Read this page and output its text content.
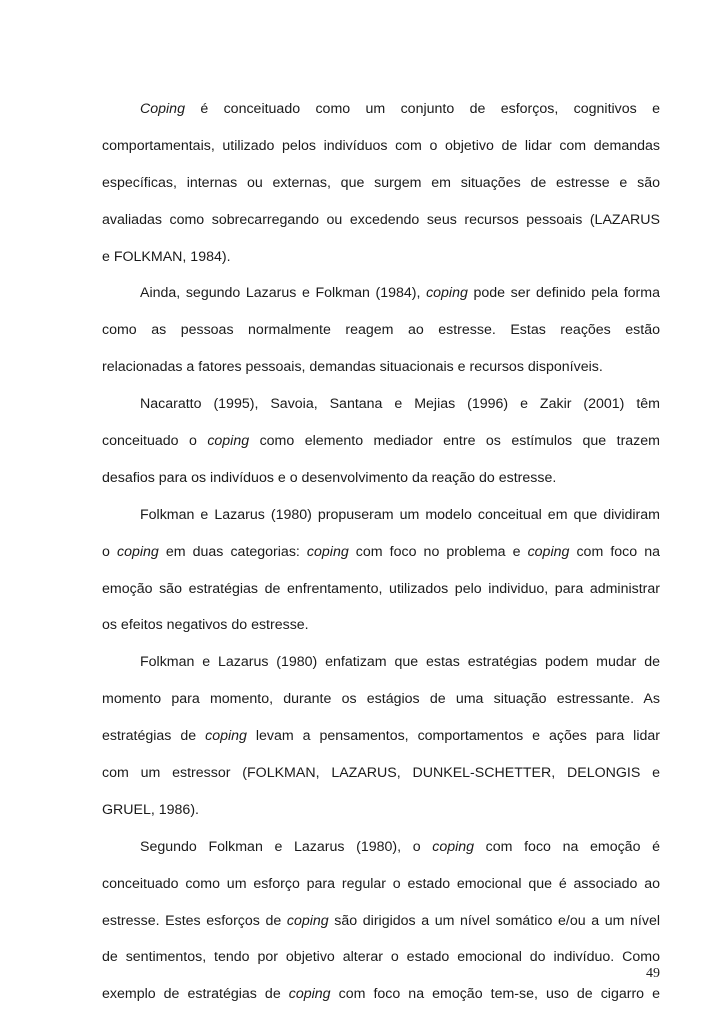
Coping é conceituado como um conjunto de esforços, cognitivos e
comportamentais, utilizado pelos indivíduos com o objetivo de lidar com demandas
específicas, internas ou externas, que surgem em situações de estresse e são
avaliadas como sobrecarregando ou excedendo seus recursos pessoais (LAZARUS
e FOLKMAN, 1984).
Ainda, segundo Lazarus e Folkman (1984), coping pode ser definido pela forma
como as pessoas normalmente reagem ao estresse. Estas reações estão
relacionadas a fatores pessoais, demandas situacionais e recursos disponíveis.
Nacaratto (1995), Savoia, Santana e Mejias (1996) e Zakir (2001) têm
conceituado o coping como elemento mediador entre os estímulos que trazem
desafios para os indivíduos e o desenvolvimento da reação do estresse.
Folkman e Lazarus (1980) propuseram um modelo conceitual em que dividiram
o coping em duas categorias: coping com foco no problema e coping com foco na
emoção são estratégias de enfrentamento, utilizados pelo individuo, para administrar
os efeitos negativos do estresse.
Folkman e Lazarus (1980) enfatizam que estas estratégias podem mudar de
momento para momento, durante os estágios de uma situação estressante. As
estratégias de coping levam a pensamentos, comportamentos e ações para lidar
com um estressor (FOLKMAN, LAZARUS, DUNKEL-SCHETTER, DELONGIS e
GRUEL, 1986).
Segundo Folkman e Lazarus (1980), o coping com foco na emoção é
conceituado como um esforço para regular o estado emocional que é associado ao
estresse. Estes esforços de coping são dirigidos a um nível somático e/ou a um nível
de sentimentos, tendo por objetivo alterar o estado emocional do indivíduo. Como
exemplo de estratégias de coping com foco na emoção tem-se, uso de cigarro e
49
